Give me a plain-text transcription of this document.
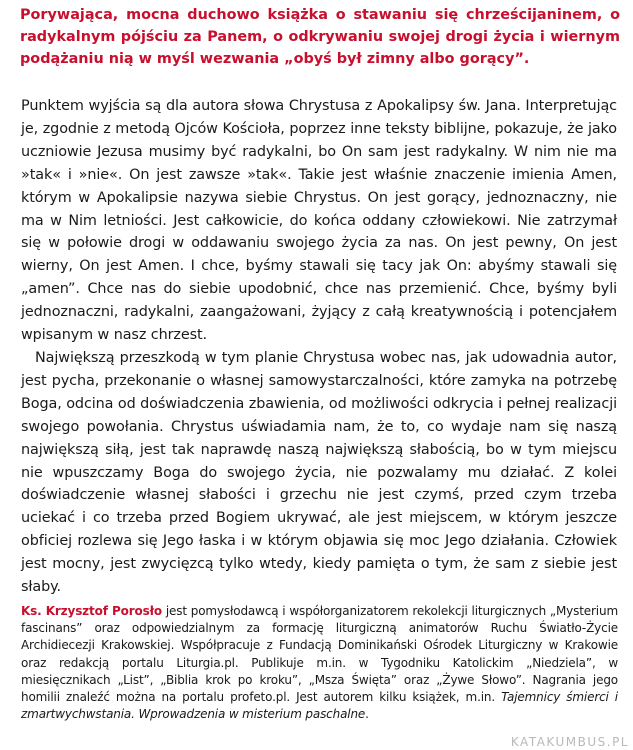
Porywająca, mocna duchowo książka o stawaniu się chrześcijaninem, o radykalnym pójściu za Panem, o odkrywaniu swojej drogi życia i wiernym podążaniu nią w myśl wezwania „obyś był zimny albo gorący”.

Punktem wyjścia są dla autora słowa Chrystusa z Apokalipsy św. Jana. Interpretując je, zgodnie z metodą Ojców Kościoła, poprzez inne teksty biblijne, pokazuje, że jako uczniowie Jezusa musimy być radykalni, bo On sam jest radykalny. W nim nie ma »tak« i »nie«. On jest zawsze »tak«. Takie jest właśnie znaczenie imienia Amen, którym w Apokalipsie nazywa siebie Chrystus. On jest gorący, jednoznaczny, nie ma w Nim letniości. Jest całkowicie, do końca oddany człowiekowi. Nie zatrzymał się w połowie drogi w oddawaniu swojego życia za nas. On jest pewny, On jest wierny, On jest Amen. I chce, byśmy stawali się tacy jak On: abyśmy stawali się „amen”. Chce nas do siebie upodobnić, chce nas przemienić. Chce, byśmy byli jednoznaczni, radykalni, zaangażowani, żyjący z całą kreatywnością i potencjałem wpisanym w nasz chrzest.

Największą przeszkodą w tym planie Chrystusa wobec nas, jak udowadnia autor, jest pycha, przekonanie o własnej samowystarczalności, które zamyka na potrzebę Boga, odcina od doświadczenia zbawienia, od możliwości odkrycia i pełnej realizacji swojego powołania. Chrystus uświadamia nam, że to, co wydaje nam się naszą największą siłą, jest tak naprawdę naszą największą słabością, bo w tym miejscu nie wpuszczamy Boga do swojego życia, nie pozwalamy mu działać. Z kolei doświadczenie własnej słabości i grzechu nie jest czymś, przed czym trzeba uciekać i co trzeba przed Bogiem ukrywać, ale jest miejscem, w którym jeszcze obficiej rozlewa się Jego łaska i w którym objawia się moc Jego działania. Człowiek jest mocny, jest zwycięzcą tylko wtedy, kiedy pamięta o tym, że sam z siebie jest słaby.

Ks. Krzysztof Porosło jest pomysłodawcą i współorganizatorem rekolekcji liturgicznych „Mysterium fascinans” oraz odpowiedzialnym za formację liturgiczną animatorów Ruchu Światło-Życie Archidiecezji Krakowskiej. Współpracuje z Fundacją Dominikański Ośrodek Liturgiczny w Krakowie oraz redakcją portalu Liturgia.pl. Publikuje m.in. w Tygodniku Katolickim „Niedziela”, w miesięcznikach „List”, „Biblia krok po kroku”, „Msza Święta” oraz „Żywe Słowo”. Nagrania jego homilii znaleźć można na portalu profeto.pl. Jest autorem kilku książek, m.in. Tajemnicy śmierci i zmartwychwstania. Wprowadzenia w misterium paschalne.

KATAKUMBUS.PL
